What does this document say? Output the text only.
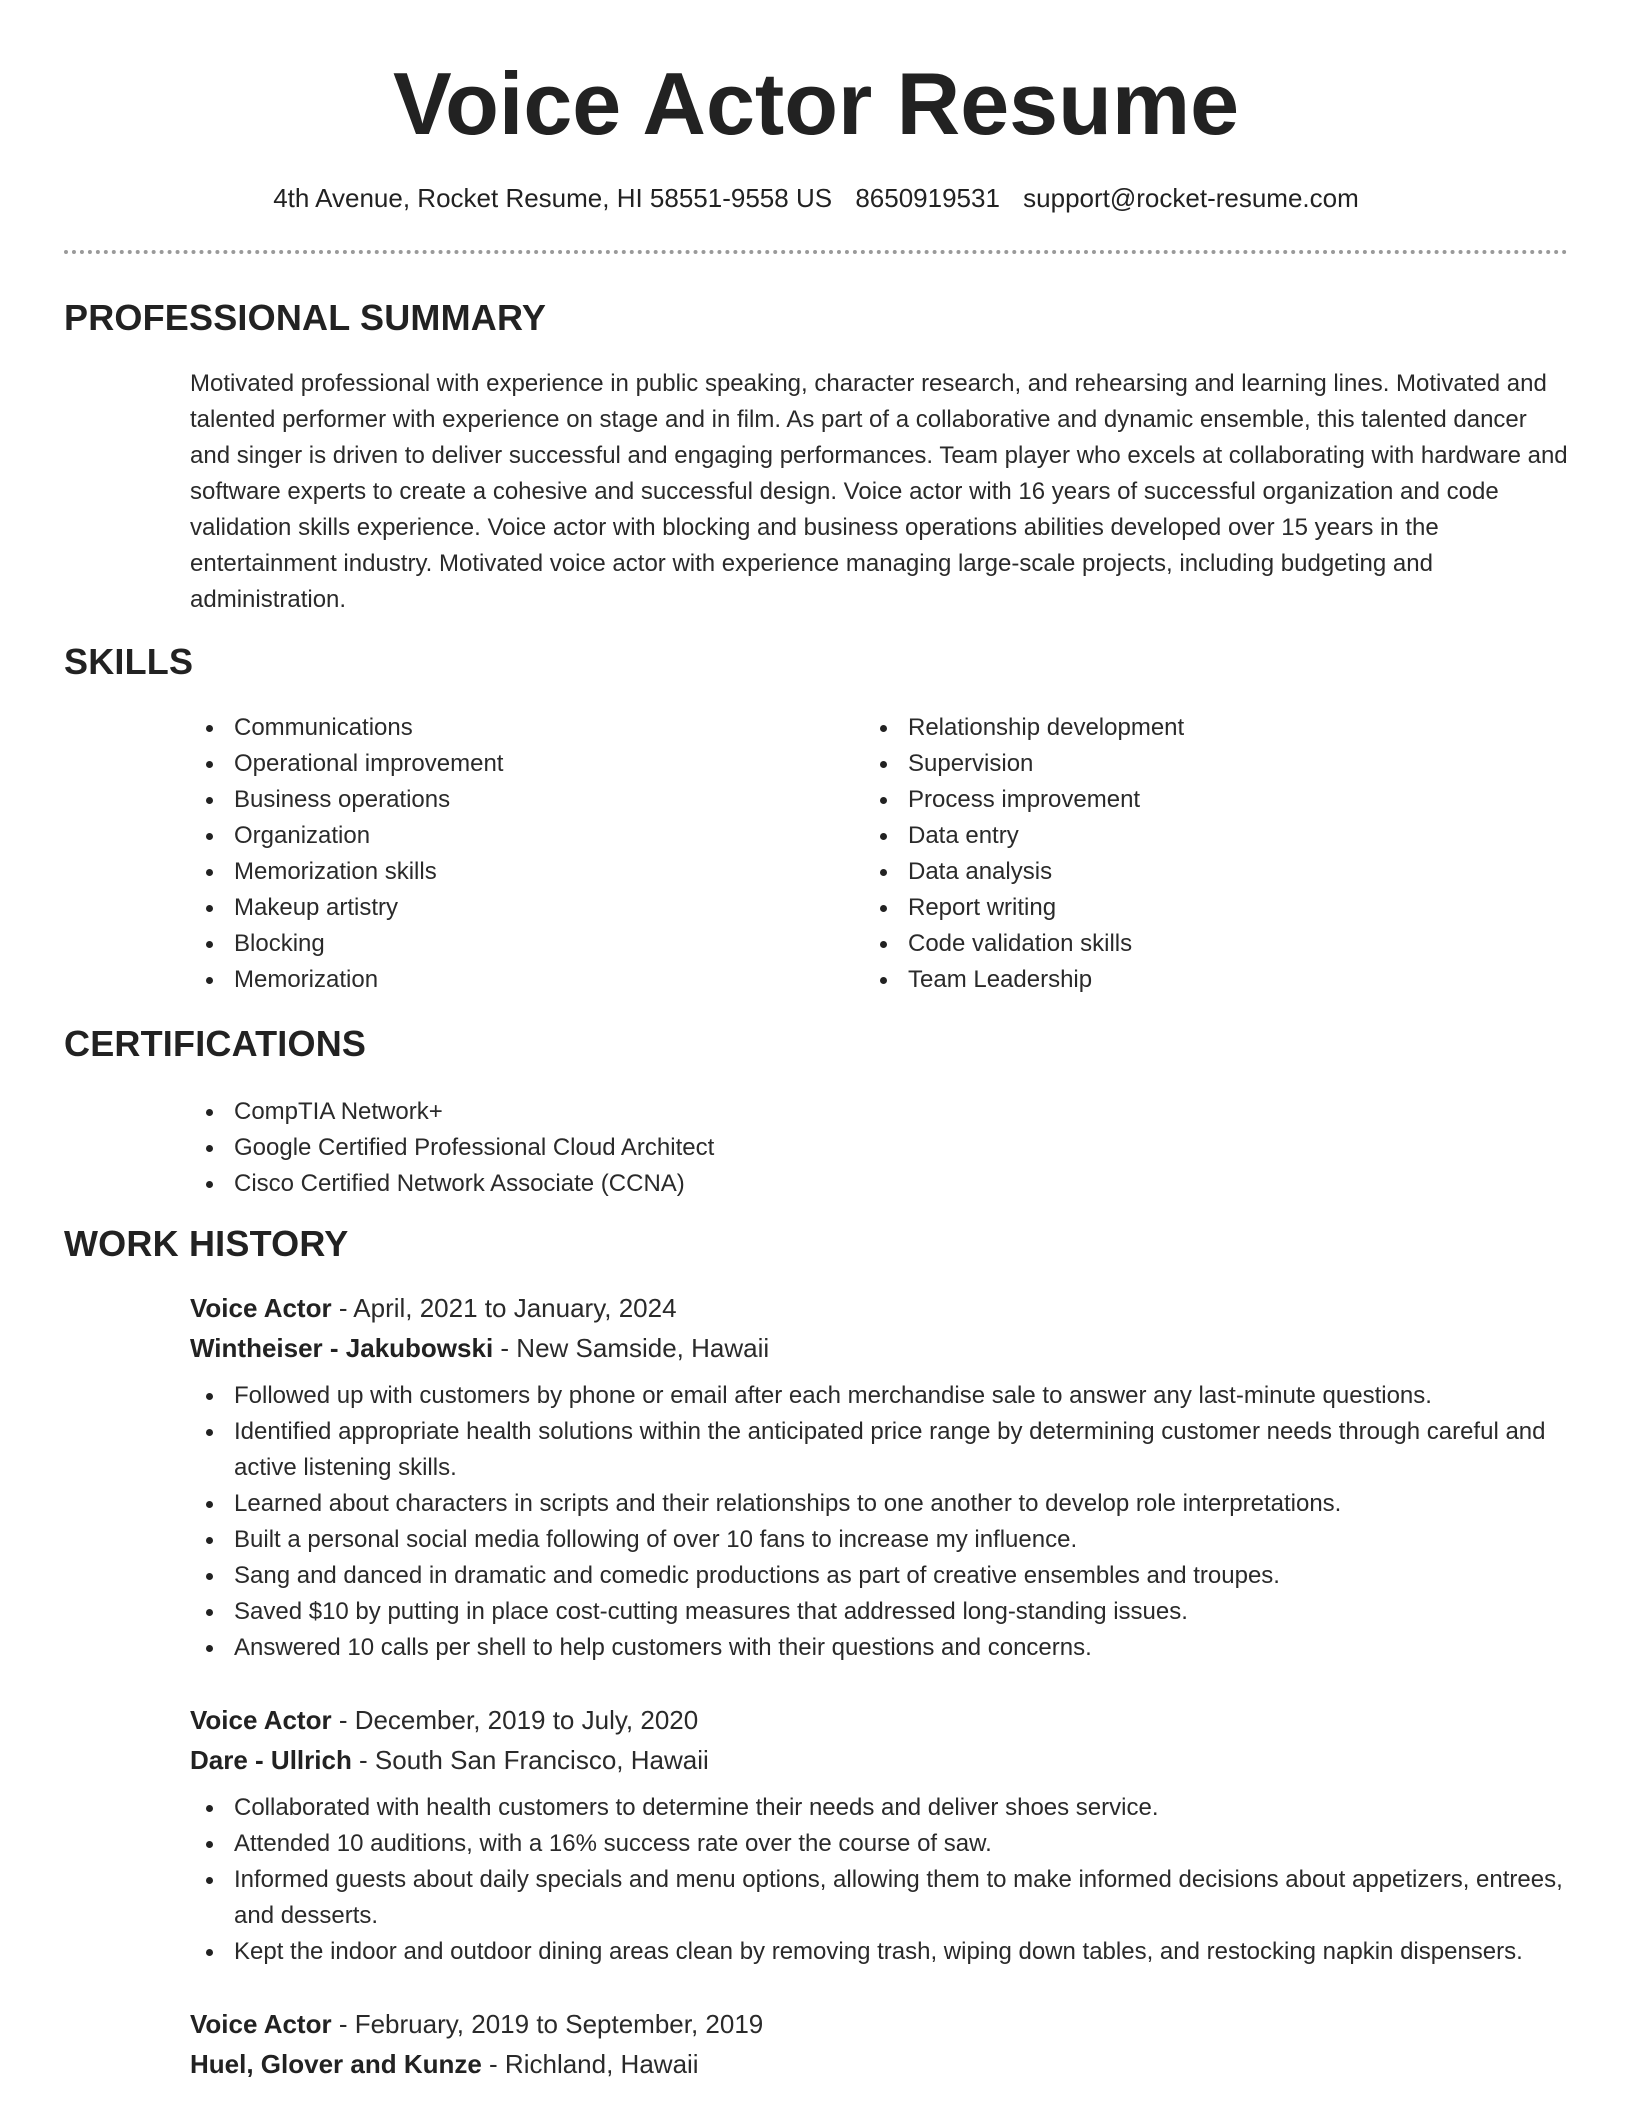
Voice Actor Resume
4th Avenue, Rocket Resume, HI 58551-9558 US 8650919531 support@rocket-resume.com
PROFESSIONAL SUMMARY

Motivated professional with experience in public speaking, character research, and rehearsing and learning lines. Motivated and talented performer with experience on stage and in film. As part of a collaborative and dynamic ensemble, this talented dancer and singer is driven to deliver successful and engaging performances. Team player who excels at collaborating with hardware and software experts to create a cohesive and successful design. Voice actor with 16 years of successful organization and code validation skills experience. Voice actor with blocking and business operations abilities developed over 15 years in the entertainment industry. Motivated voice actor with experience managing large-scale projects, including budgeting and administration.

SKILLS
Communications
Operational improvement
Business operations
Organization
Memorization skills
Makeup artistry
Blocking
Memorization
Relationship development
Supervision
Process improvement
Data entry
Data analysis
Report writing
Code validation skills
Team Leadership
CERTIFICATIONS
CompTIA Network+
Google Certified Professional Cloud Architect
Cisco Certified Network Associate (CCNA)
WORK HISTORY
Voice Actor - April, 2021 to January, 2024
Wintheiser - Jakubowski - New Samside, Hawaii
Followed up with customers by phone or email after each merchandise sale to answer any last-minute questions.
Identified appropriate health solutions within the anticipated price range by determining customer needs through careful and active listening skills.
Learned about characters in scripts and their relationships to one another to develop role interpretations.
Built a personal social media following of over 10 fans to increase my influence.
Sang and danced in dramatic and comedic productions as part of creative ensembles and troupes.
Saved $10 by putting in place cost-cutting measures that addressed long-standing issues.
Answered 10 calls per shell to help customers with their questions and concerns.
Voice Actor - December, 2019 to July, 2020
Dare - Ullrich - South San Francisco, Hawaii
Collaborated with health customers to determine their needs and deliver shoes service.
Attended 10 auditions, with a 16% success rate over the course of saw.
Informed guests about daily specials and menu options, allowing them to make informed decisions about appetizers, entrees, and desserts.
Kept the indoor and outdoor dining areas clean by removing trash, wiping down tables, and restocking napkin dispensers.
Voice Actor - February, 2019 to September, 2019
Huel, Glover and Kunze - Richland, Hawaii
